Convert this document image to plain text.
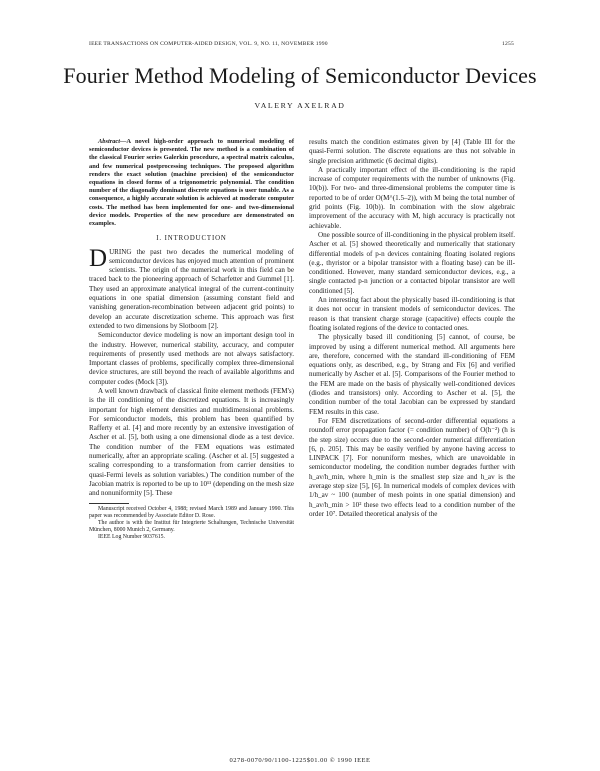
IEEE TRANSACTIONS ON COMPUTER-AIDED DESIGN, VOL. 9, NO. 11, NOVEMBER 1990	1255
Fourier Method Modeling of Semiconductor Devices
VALERY AXELRAD

Abstract—A novel high-order approach to numerical modeling of semiconductor devices is presented. The new method is a combination of the classical Fourier series Galerkin procedure, a spectral matrix calculus, and few numerical postprocessing techniques. The proposed algorithm renders the exact solution (machine precision) of the semiconductor equations in closed forms of a trigonometric polynomial. The condition number of the diagonally dominant discrete equations is user tunable. As a consequence, a highly accurate solution is achieved at moderate computer costs. The method has been implemented for one- and two-dimensional device models. Properties of the new procedure are demonstrated on examples.

I. INTRODUCTION

DURING the past two decades the numerical modeling of semiconductor devices has enjoyed much attention of prominent scientists. The origin of the numerical work in this field can be traced back to the pioneering approach of Scharfetter and Gummel [1]. They used an approximate analytical integral of the current-continuity equations in one spatial dimension (assuming constant field and vanishing generation-recombination between adjacent grid points) to develop an accurate discretization scheme. This approach was first extended to two dimensions by Slotboom [2].

Semiconductor device modeling is now an important design tool in the industry. However, numerical stability, accuracy, and computer requirements of presently used methods are not always satisfactory. Important classes of problems, specifically complex three-dimensional device structures, are still beyond the reach of available algorithms and computer codes (Mock [3]).

A well known drawback of classical finite element methods (FEM's) is the ill conditioning of the discretized equations. It is increasingly important for high element densities and multidimensional problems. For semiconductor models, this problem has been quantified by Rafferty et al. [4] and more recently by an extensive investigation of Ascher et al. [5], both using a one dimensional diode as a test device. The condition number of the FEM equations was estimated numerically, after an appropriate scaling. (Ascher et al. [5] suggested a scaling corresponding to a transformation from carrier densities to quasi-Fermi levels as solution variables.) The condition number of the Jacobian matrix is reported to be up to 10¹¹ (depending on the mesh size and nonuniformity [5]. These

Manuscript received October 4, 1988; revised March 1989 and January 1990. This paper was recommended by Associate Editor D. Rose.

The author is with the Institut für Integrierte Schaltungen, Technische Universität München, 8000 Munich 2, Germany.

IEEE Log Number 9037615.

results match the condition estimates given by [4] (Table III for the quasi-Fermi solution. The discrete equations are thus not solvable in single precision arithmetic (6 decimal digits).

A practically important effect of the ill-conditioning is the rapid increase of computer requirements with the number of unknowns (Fig. 10(b)). For two- and three-dimensional problems the computer time is reported to be of order O(M^(1.5–2)), with M being the total number of grid points (Fig. 10(b)). In combination with the slow algebraic improvement of the accuracy with M, high accuracy is practically not achievable.

One possible source of ill-conditioning in the physical problem itself. Ascher et al. [5] showed theoretically and numerically that stationary differential models of p-n devices containing floating isolated regions (e.g., thyristor or a bipolar transistor with a floating base) can be ill-conditioned. However, many standard semiconductor devices, e.g., a single contacted p-n junction or a contacted bipolar transistor are well conditioned [5].

An interesting fact about the physically based ill-conditioning is that it does not occur in transient models of semiconductor devices. The reason is that transient charge storage (capacitive) effects couple the floating isolated regions of the device to contacted ones.

The physically based ill conditioning [5] cannot, of course, be improved by using a different numerical method. All arguments here are, therefore, concerned with the standard ill-conditioning of FEM equations only, as described, e.g., by Strang and Fix [6] and verified numerically by Ascher et al. [5]. Comparisons of the Fourier method to the FEM are made on the basis of physically well-conditioned devices (diodes and transistors) only. According to Ascher et al. [5], the condition number of the total Jacobian can be expressed by standard FEM results in this case.

For FEM discretizations of second-order differential equations a roundoff error propagation factor (= condition number) of O(h⁻²) (h is the step size) occurs due to the second-order numerical differentiation [6, p. 205]. This may be easily verified by anyone having access to LINPACK [7]. For nonuniform meshes, which are unavoidable in semiconductor modeling, the condition number degrades further with h_av/h_min, where h_min is the smallest step size and h_av is the average step size [5], [6]. In numerical models of complex devices with 1/h_av ~ 100 (number of mesh points in one spatial dimension) and h_av/h_min > 10² these two effects lead to a condition number of the order 10⁷. Detailed theoretical analysis of the

0278-0070/90/1100-1225$01.00 © 1990 IEEE
